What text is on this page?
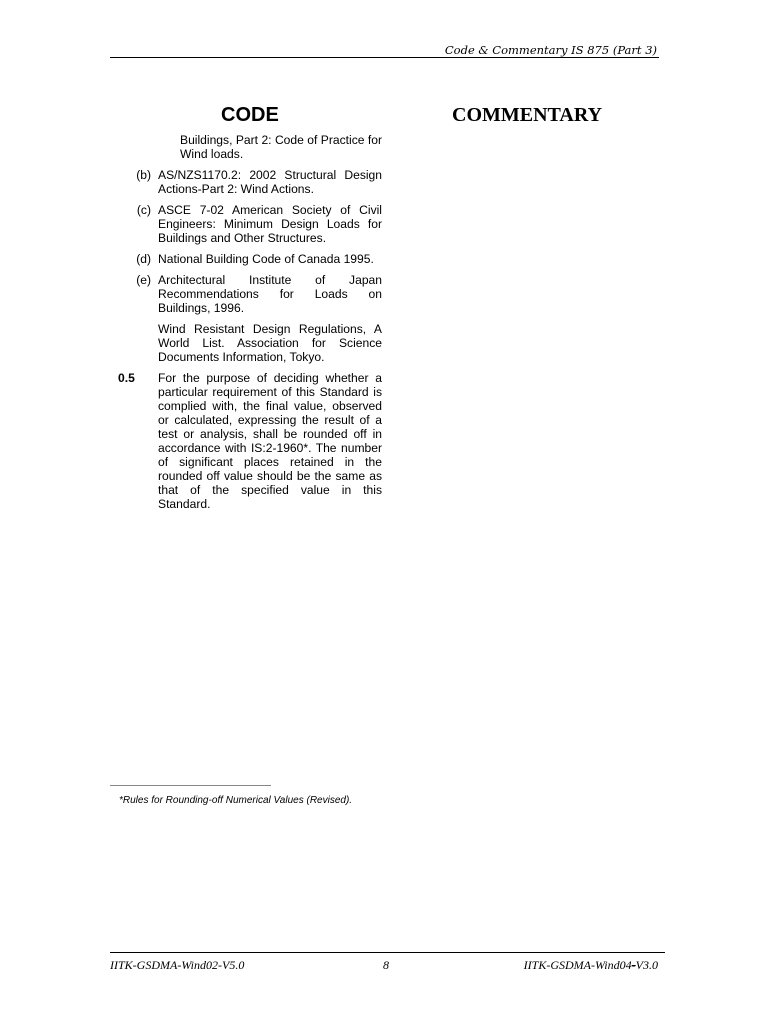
Code & Commentary IS 875 (Part 3)
CODE	COMMENTARY
Buildings, Part 2: Code of Practice for Wind loads.
(b) AS/NZS1170.2: 2002 Structural Design Actions-Part 2: Wind Actions.
(c) ASCE 7-02 American Society of Civil Engineers: Minimum Design Loads for Buildings and Other Structures.
(d) National Building Code of Canada 1995.
(e) Architectural Institute of Japan Recommendations for Loads on Buildings, 1996.
Wind Resistant Design Regulations, A World List. Association for Science Documents Information, Tokyo.
0.5	For the purpose of deciding whether a particular requirement of this Standard is complied with, the final value, observed or calculated, expressing the result of a test or analysis, shall be rounded off in accordance with IS:2-1960*. The number of significant places retained in the rounded off value should be the same as that of the specified value in this Standard.
*Rules for Rounding-off Numerical Values (Revised).
IITK-GSDMA-Wind02-V5.0	8	IITK-GSDMA-Wind04-V3.0
